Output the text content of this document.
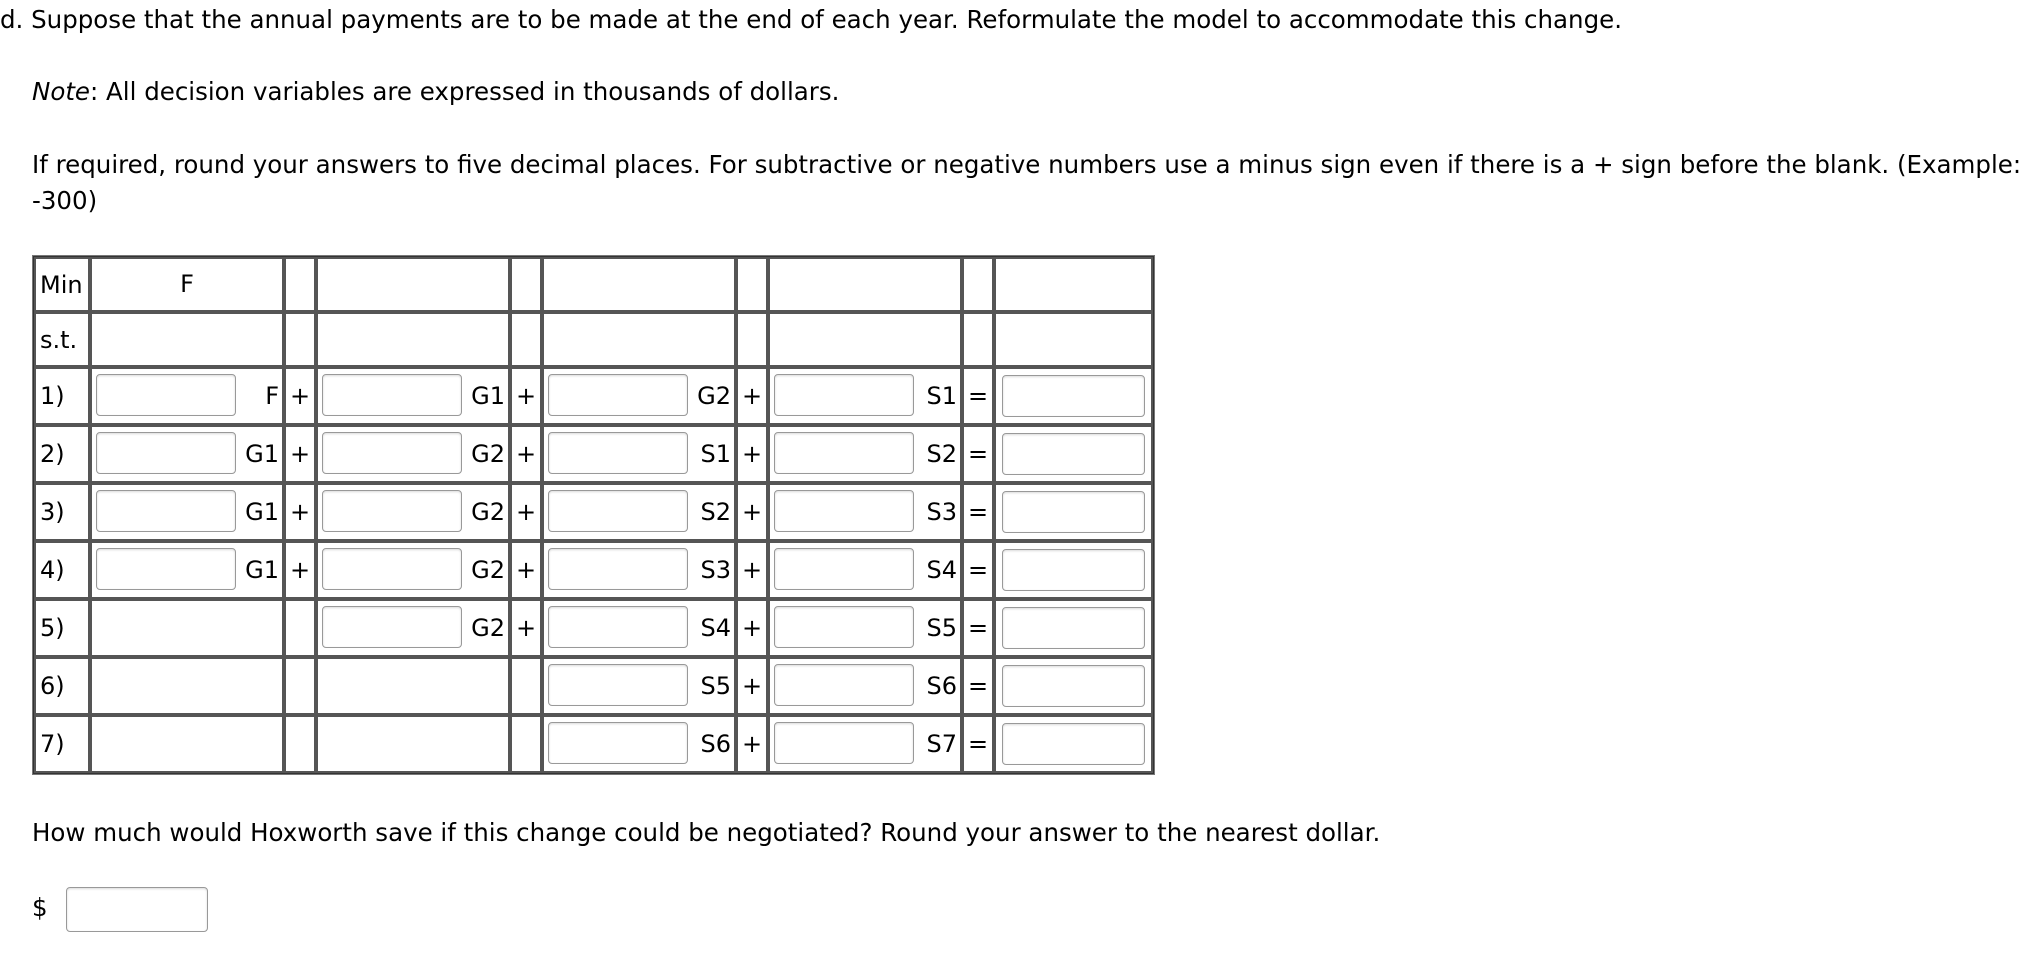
d. Suppose that the annual payments are to be made at the end of each year. Reformulate the model to accommodate this change.

Note: All decision variables are expressed in thousands of dollars.

If required, round your answers to five decimal places. For subtractive or negative numbers use a minus sign even if there is a + sign before the blank. (Example: -300)

Min	F								

s.t.									
1)	F	+	G1	+	G2	+	S1	=	

2)	G1	+	G2	+	S1	+	S2	=	

3)	G1	+	G2	+	S2	+	S3	=	

4)	G1	+	G2	+	S3	+	S4	=	

5)			G2	+	S4	+	S5	=	

6)					S5	+	S6	=	

7)					S6	+	S7	=	

How much would Hoxworth save if this change could be negotiated? Round your answer to the nearest dollar.

$
